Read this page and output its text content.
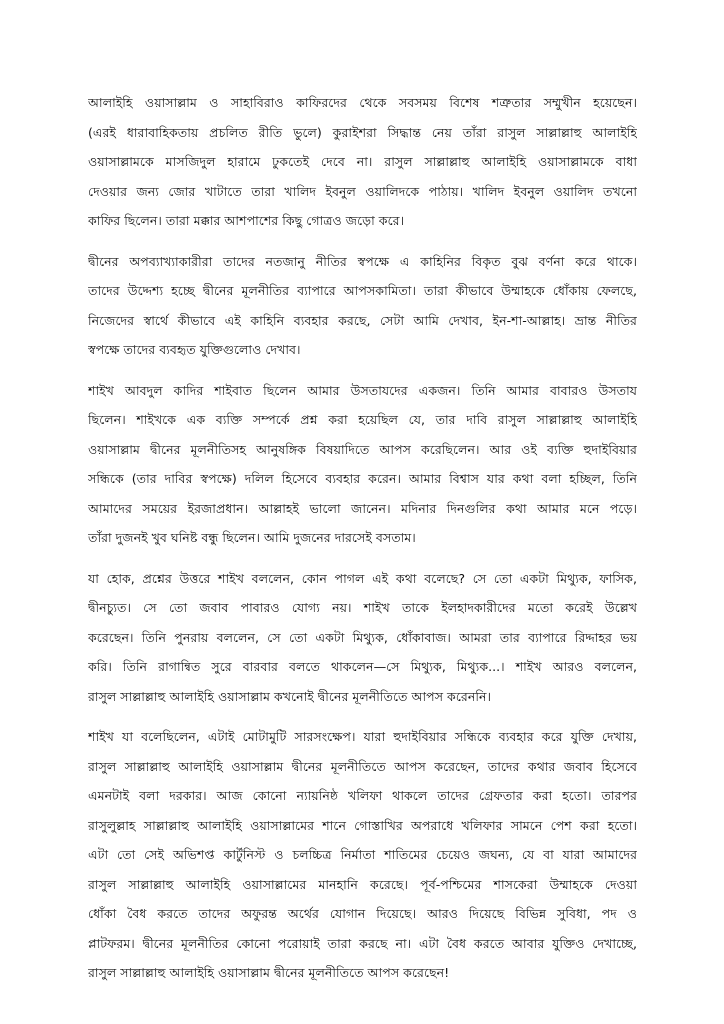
আলাইহি ওয়াসাল্লাম ও সাহাবিরাও কাফিরদের থেকে সবসময় বিশেষ শত্রুতার সম্মুখীন হয়েছেন।
(এরই ধারাবাহিকতায় প্রচলিত রীতি ভুলে) কুরাইশরা সিদ্ধান্ত নেয় তাঁরা রাসুল সাল্লাল্লাহু আলাইহি
ওয়াসাল্লামকে মাসজিদুল হারামে ঢুকতেই দেবে না। রাসুল সাল্লাল্লাহু আলাইহি ওয়াসাল্লামকে বাধা
দেওয়ার জন্য জোর খাটাতে তারা খালিদ ইবনুল ওয়ালিদকে পাঠায়। খালিদ ইবনুল ওয়ালিদ তখনো
কাফির ছিলেন। তারা মক্কার আশপাশের কিছু গোত্রও জড়ো করে।
দ্বীনের অপব্যাখ্যাকারীরা তাদের নতজানু নীতির স্বপক্ষে এ কাহিনির বিকৃত বুঝ বর্ণনা করে থাকে।
তাদের উদ্দেশ্য হচ্ছে দ্বীনের মূলনীতির ব্যাপারে আপসকামিতা। তারা কীভাবে উম্মাহকে ধোঁকায় ফেলছে,
নিজেদের স্বার্থে কীভাবে এই কাহিনি ব্যবহার করছে, সেটা আমি দেখাব, ইন-শা-আল্লাহ। ভ্রান্ত নীতির
স্বপক্ষে তাদের ব্যবহৃত যুক্তিগুলোও দেখাব।
শাইখ আবদুল কাদির শাইবাত ছিলেন আমার উসতাযদের একজন। তিনি আমার বাবারও উসতায
ছিলেন। শাইখকে এক ব্যক্তি সম্পর্কে প্রশ্ন করা হয়েছিল যে, তার দাবি রাসুল সাল্লাল্লাহু আলাইহি
ওয়াসাল্লাম দ্বীনের মূলনীতিসহ আনুষঙ্গিক বিষয়াদিতে আপস করেছিলেন। আর ওই ব্যক্তি হুদাইবিয়ার
সন্ধিকে (তার দাবির স্বপক্ষে) দলিল হিসেবে ব্যবহার করেন। আমার বিশ্বাস যার কথা বলা হচ্ছিল, তিনি
আমাদের সময়ের ইরজাপ্রধান। আল্লাহই ভালো জানেন। মদিনার দিনগুলির কথা আমার মনে পড়ে।
তাঁরা দুজনই খুব ঘনিষ্ট বন্ধু ছিলেন। আমি দুজনের দারসেই বসতাম।
যা হোক, প্রশ্নের উত্তরে শাইখ বললেন, কোন পাগল এই কথা বলেছে? সে তো একটা মিথ্যুক, ফাসিক,
দ্বীনচ্যুত। সে তো জবাব পাবারও যোগ্য নয়। শাইখ তাকে ইলহাদকারীদের মতো করেই উল্লেখ
করেছেন। তিনি পুনরায় বললেন, সে তো একটা মিথ্যুক, ধোঁকাবাজ। আমরা তার ব্যাপারে রিদ্দাহর ভয়
করি। তিনি রাগান্বিত সুরে বারবার বলতে থাকলেন—সে মিথ্যুক, মিথ্যুক...। শাইখ আরও বললেন,
রাসুল সাল্লাল্লাহু আলাইহি ওয়াসাল্লাম কখনোই দ্বীনের মূলনীতিতে আপস করেননি।
শাইখ যা বলেছিলেন, এটাই মোটামুটি সারসংক্ষেপ। যারা হুদাইবিয়ার সন্ধিকে ব্যবহার করে যুক্তি দেখায়,
রাসুল সাল্লাল্লাহু আলাইহি ওয়াসাল্লাম দ্বীনের মূলনীতিতে আপস করেছেন, তাদের কথার জবাব হিসেবে
এমনটাই বলা দরকার। আজ কোনো ন্যায়নিষ্ঠ খলিফা থাকলে তাদের গ্রেফতার করা হতো। তারপর
রাসুলুল্লাহ সাল্লাল্লাহু আলাইহি ওয়াসাল্লামের শানে গোস্তাখির অপরাধে খলিফার সামনে পেশ করা হতো।
এটা তো সেই অভিশপ্ত কার্টুনিস্ট ও চলচ্চিত্র নির্মাতা শাতিমের চেয়েও জঘন্য, যে বা যারা আমাদের
রাসুল সাল্লাল্লাহু আলাইহি ওয়াসাল্লামের মানহানি করেছে। পূর্ব-পশ্চিমের শাসকেরা উম্মাহকে দেওয়া
ধোঁকা বৈধ করতে তাদের অফুরন্ত অর্থের যোগান দিয়েছে। আরও দিয়েছে বিভিন্ন সুবিধা, পদ ও
প্লাটফরম। দ্বীনের মূলনীতির কোনো পরোয়াই তারা করছে না। এটা বৈধ করতে আবার যুক্তিও দেখাচ্ছে,
রাসুল সাল্লাল্লাহু আলাইহি ওয়াসাল্লাম দ্বীনের মূলনীতিতে আপস করেছেন!
